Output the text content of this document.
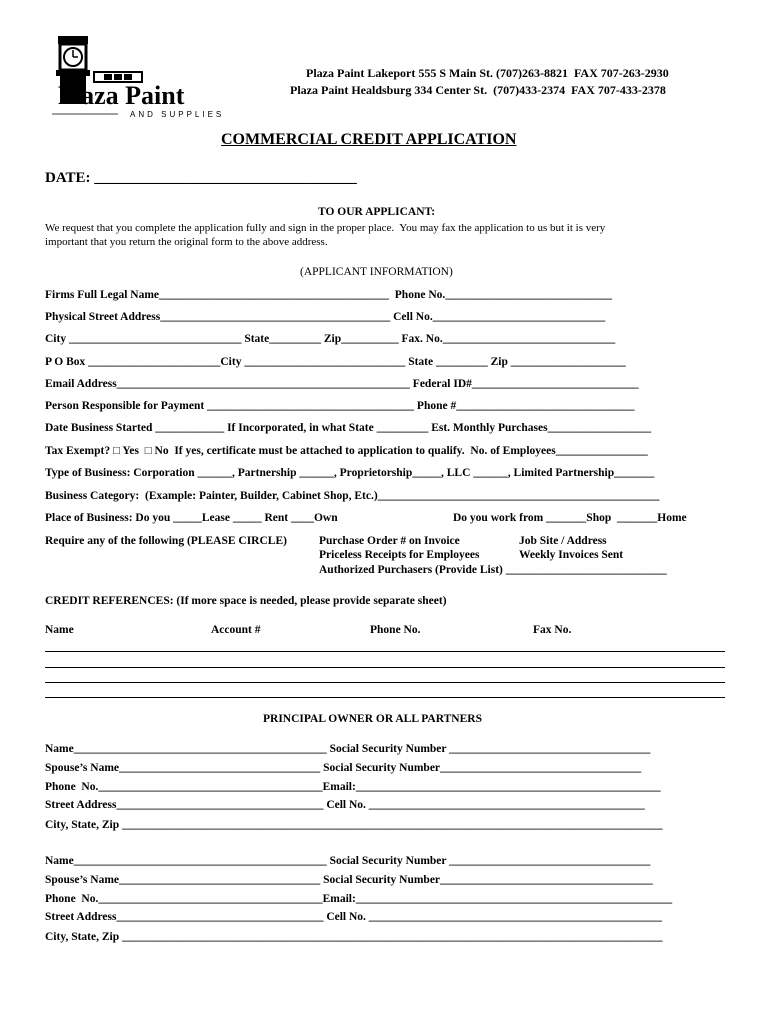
Plaza Paint
AND SUPPLIES
Plaza Paint Lakeport 555 S Main St. (707)263-8821  FAX 707-263-2930
Plaza Paint Healdsburg 334 Center St.  (707)433-2374  FAX 707-433-2378
COMMERCIAL CREDIT APPLICATION
DATE: ___________________________________
TO OUR APPLICANT:
We request that you complete the application fully and sign in the proper place.  You may fax the application to us but it is very
important that you return the original form to the above address.
(APPLICANT INFORMATION)
Firms Full Legal Name________________________________________  Phone No._____________________________
Physical Street Address________________________________________ Cell No.______________________________
City ______________________________ State_________ Zip__________ Fax. No.______________________________
P O Box _______________________City ____________________________ State _________ Zip ____________________
Email Address___________________________________________________ Federal ID#_____________________________
Person Responsible for Payment ____________________________________ Phone #_______________________________
Date Business Started ____________ If Incorporated, in what State _________ Est. Monthly Purchases__________________
Tax Exempt? □ Yes  □ No  If yes, certificate must be attached to application to qualify.  No. of Employees________________
Type of Business: Corporation ______, Partnership ______, Proprietorship_____, LLC ______, Limited Partnership_______
Business Category:  (Example: Painter, Builder, Cabinet Shop, Etc.)_________________________________________________
Place of Business: Do you _____Lease _____ Rent ____Own	Do you work from _______Shop  _______Home
Require any of the following (PLEASE CIRCLE)	Purchase Order # on Invoice	Job Site / Address
Priceless Receipts for Employees	Weekly Invoices Sent
Authorized Purchasers (Provide List) ____________________________
CREDIT REFERENCES: (If more space is needed, please provide separate sheet)
Name	Account #	Phone No.	Fax No.
PRINCIPAL OWNER OR ALL PARTNERS
Name____________________________________________ Social Security Number ___________________________________
Spouse’s Name___________________________________ Social Security Number___________________________________
Phone  No._______________________________________Email:_____________________________________________________
Street Address____________________________________ Cell No. ________________________________________________
City, State, Zip ______________________________________________________________________________________________
Name____________________________________________ Social Security Number ___________________________________
Spouse’s Name___________________________________ Social Security Number_____________________________________
Phone  No._______________________________________Email:_______________________________________________________
Street Address____________________________________ Cell No. ___________________________________________________
City, State, Zip ______________________________________________________________________________________________
